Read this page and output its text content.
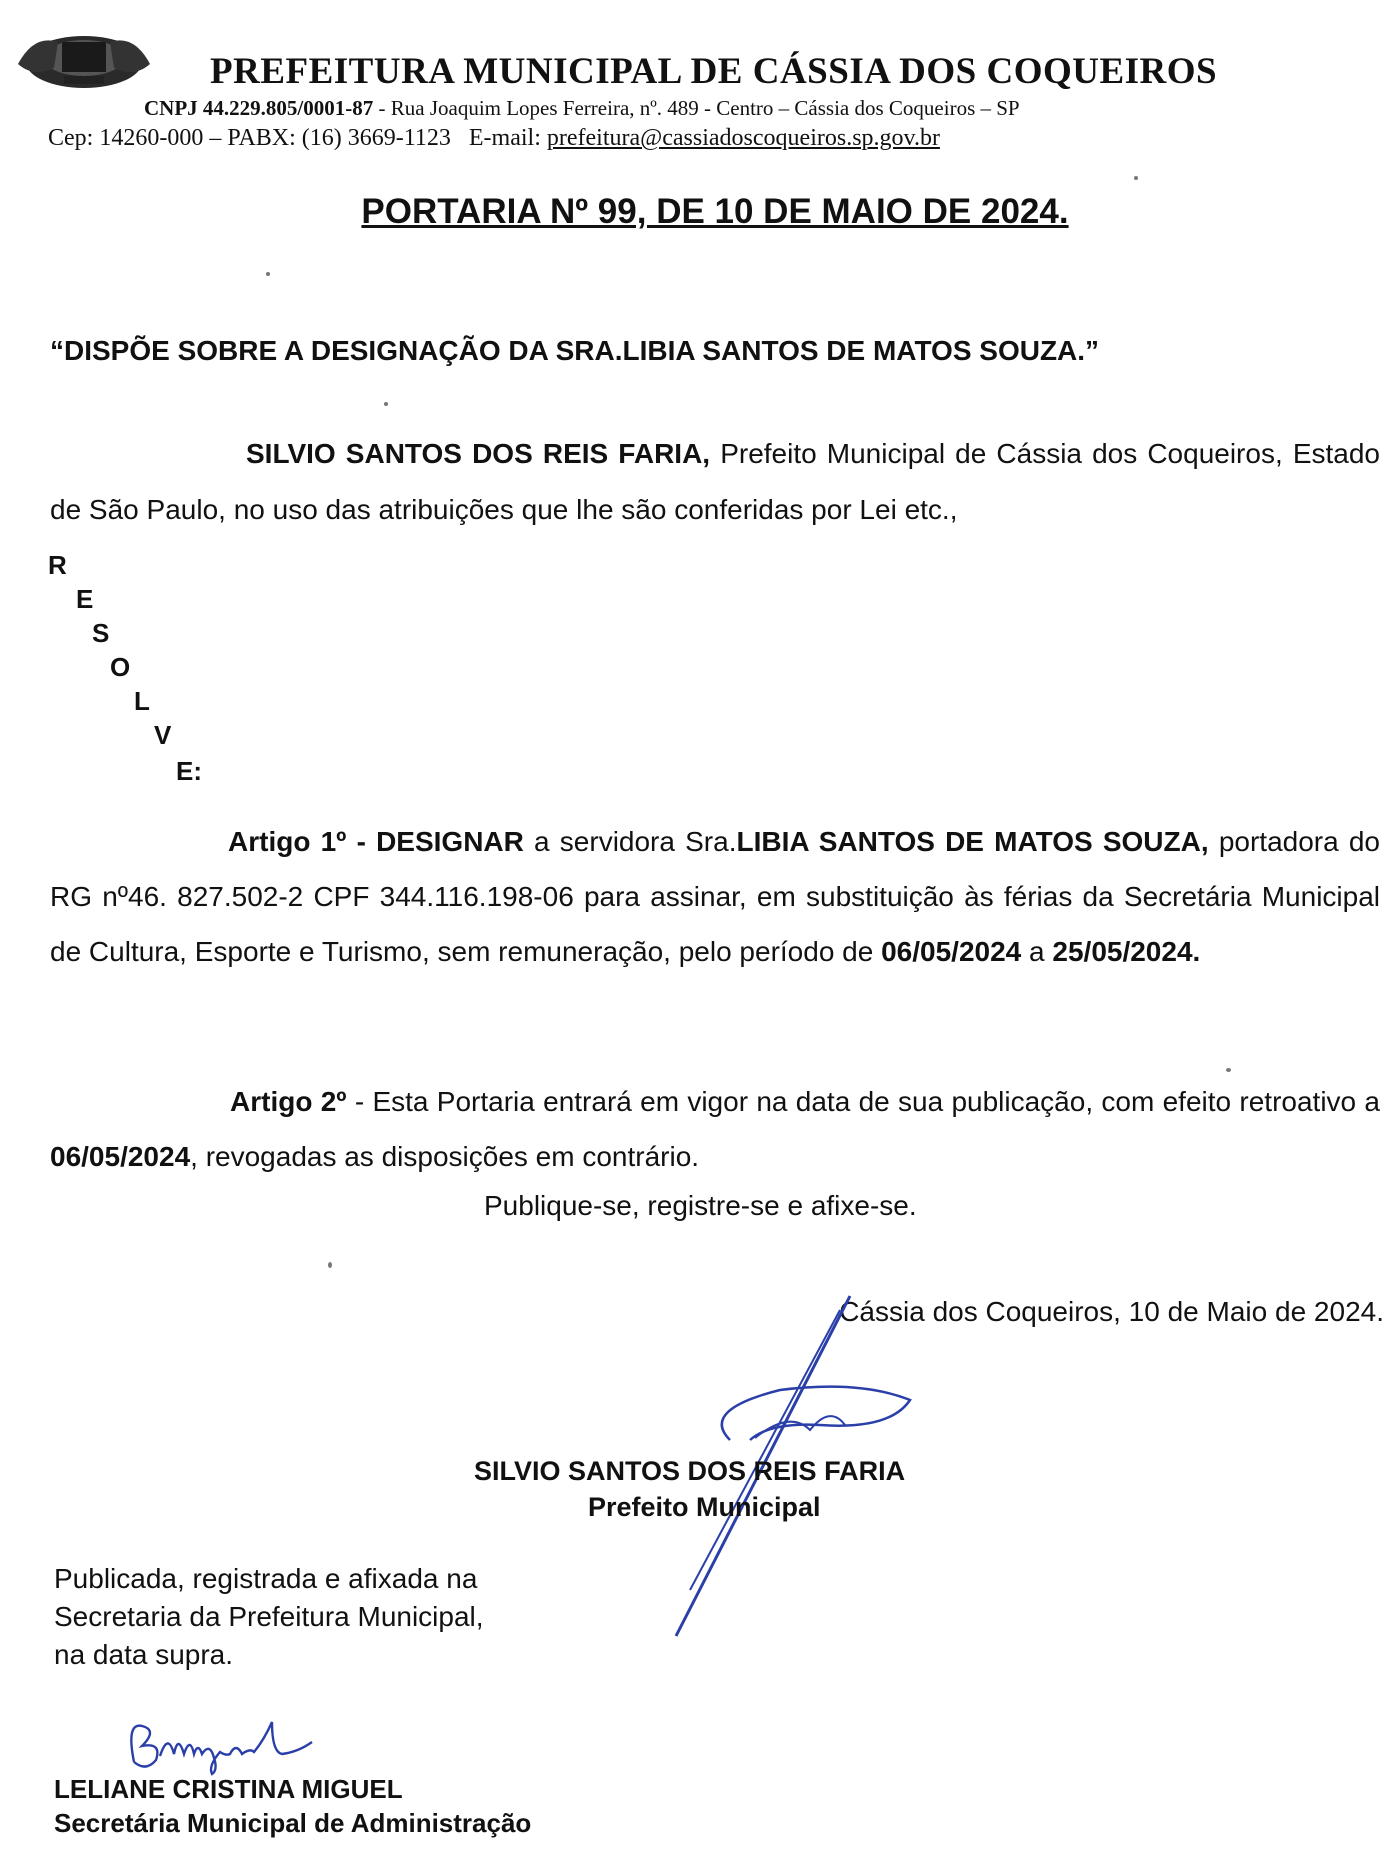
PREFEITURA MUNICIPAL DE CÁSSIA DOS COQUEIROS
CNPJ 44.229.805/0001-87 - Rua Joaquim Lopes Ferreira, nº. 489 - Centro – Cássia dos Coqueiros – SP
Cep: 14260-000 – PABX: (16) 3669-1123 E-mail: prefeitura@cassiadoscoqueiros.sp.gov.br
PORTARIA Nº 99, DE 10 DE MAIO DE 2024.
“DISPÕE SOBRE A DESIGNAÇÃO DA SRA.LIBIA SANTOS DE MATOS SOUZA.”
SILVIO SANTOS DOS REIS FARIA, Prefeito Municipal de Cássia dos Coqueiros, Estado de São Paulo, no uso das atribuições que lhe são conferidas por Lei etc.,
R
E
S
O
L
V
E:
Artigo 1º - DESIGNAR a servidora Sra.LIBIA SANTOS DE MATOS SOUZA, portadora do RG nº46. 827.502-2 CPF 344.116.198-06 para assinar, em substituição às férias da Secretária Municipal de Cultura, Esporte e Turismo, sem remuneração, pelo período de 06/05/2024 a 25/05/2024.
Artigo 2º - Esta Portaria entrará em vigor na data de sua publicação, com efeito retroativo a 06/05/2024, revogadas as disposições em contrário.
Publique-se, registre-se e afixe-se.
Cássia dos Coqueiros, 10 de Maio de 2024.
SILVIO SANTOS DOS REIS FARIA
Prefeito Municipal
Publicada, registrada e afixada na
Secretaria da Prefeitura Municipal,
na data supra.
LELIANE CRISTINA MIGUEL
Secretária Municipal de Administração
